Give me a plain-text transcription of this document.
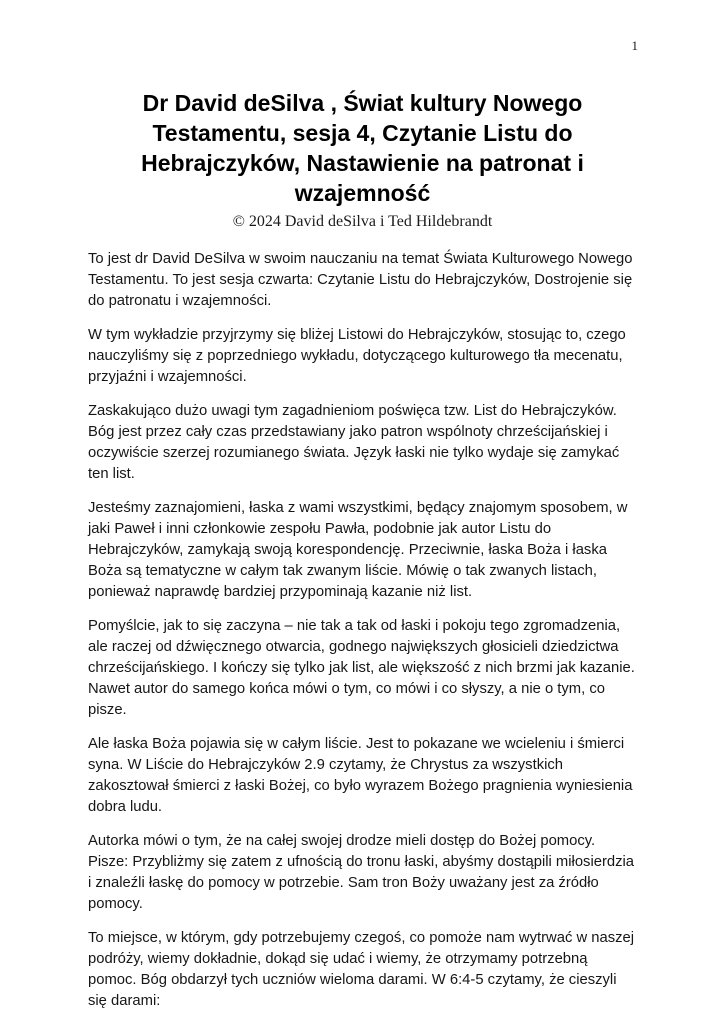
1
Dr David deSilva , Świat kultury Nowego
Testamentu, sesja 4, Czytanie Listu do
Hebrajczyków, Nastawienie na patronat i
wzajemność
© 2024 David deSilva i Ted Hildebrandt

To jest dr David DeSilva w swoim nauczaniu na temat Świata Kulturowego Nowego Testamentu. To jest sesja czwarta: Czytanie Listu do Hebrajczyków, Dostrojenie się do patronatu i wzajemności.

W tym wykładzie przyjrzymy się bliżej Listowi do Hebrajczyków, stosując to, czego nauczyliśmy się z poprzedniego wykładu, dotyczącego kulturowego tła mecenatu, przyjaźni i wzajemności.

Zaskakująco dużo uwagi tym zagadnieniom poświęca tzw. List do Hebrajczyków. Bóg jest przez cały czas przedstawiany jako patron wspólnoty chrześcijańskiej i oczywiście szerzej rozumianego świata. Język łaski nie tylko wydaje się zamykać ten list.

Jesteśmy zaznajomieni, łaska z wami wszystkimi, będący znajomym sposobem, w jaki Paweł i inni członkowie zespołu Pawła, podobnie jak autor Listu do Hebrajczyków, zamykają swoją korespondencję. Przeciwnie, łaska Boża i łaska Boża są tematyczne w całym tak zwanym liście. Mówię o tak zwanych listach, ponieważ naprawdę bardziej przypominają kazanie niż list.

Pomyślcie, jak to się zaczyna – nie tak a tak od łaski i pokoju tego zgromadzenia, ale raczej od dźwięcznego otwarcia, godnego największych głosicieli dziedzictwa chrześcijańskiego. I kończy się tylko jak list, ale większość z nich brzmi jak kazanie. Nawet autor do samego końca mówi o tym, co mówi i co słyszy, a nie o tym, co pisze.

Ale łaska Boża pojawia się w całym liście. Jest to pokazane we wcieleniu i śmierci syna. W Liście do Hebrajczyków 2.9 czytamy, że Chrystus za wszystkich zakosztował śmierci z łaski Bożej, co było wyrazem Bożego pragnienia wyniesienia dobra ludu.

Autorka mówi o tym, że na całej swojej drodze mieli dostęp do Bożej pomocy. Pisze: Przybliżmy się zatem z ufnością do tronu łaski, abyśmy dostąpili miłosierdzia i znaleźli łaskę do pomocy w potrzebie. Sam tron Boży uważany jest za źródło pomocy.

To miejsce, w którym, gdy potrzebujemy czegoś, co pomoże nam wytrwać w naszej podróży, wiemy dokładnie, dokąd się udać i wiemy, że otrzymamy potrzebną pomoc. Bóg obdarzył tych uczniów wieloma darami. W 6:4-5 czytamy, że cieszyli się darami:
